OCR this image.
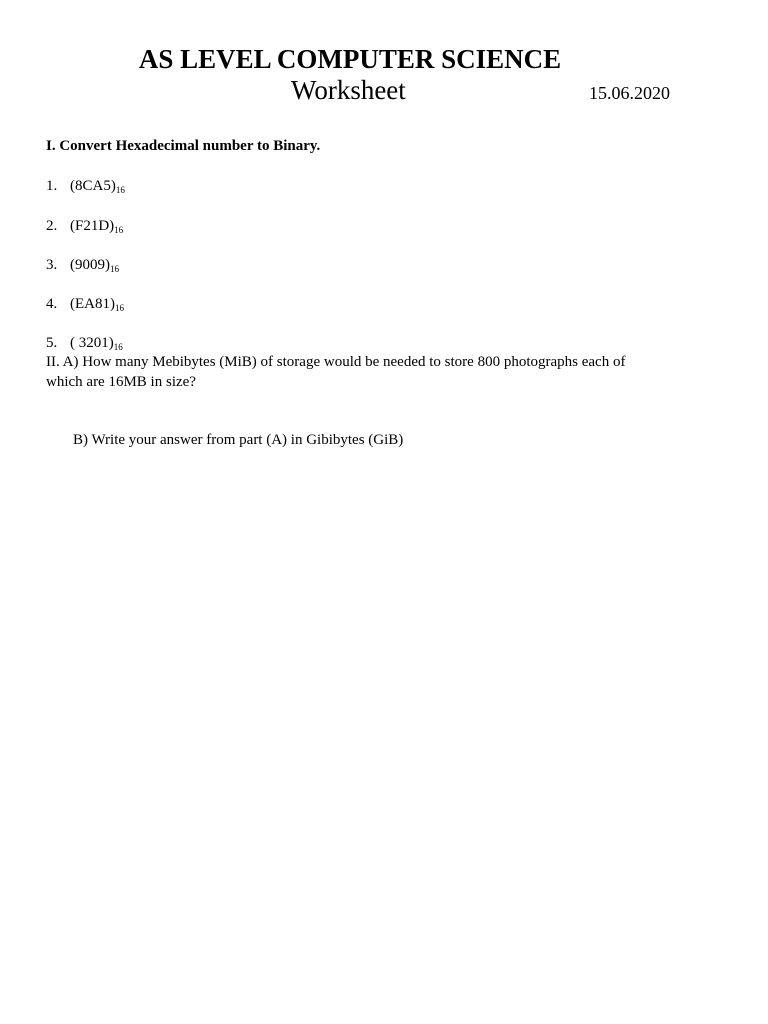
AS LEVEL COMPUTER SCIENCE
Worksheet	15.06.2020
I. Convert Hexadecimal number to Binary.
1. $(8CA5)_{16}$
2. $(F21D)_{16}$
3. $(9009)_{16}$
4. $(EA81)_{16}$
5. ( $3201)_{16}$
II. A) How many Mebibytes (MiB) of storage would be needed to store 800 photographs each of which are 16MB in size?
B) Write your answer from part (A) in Gibibytes (GiB)
